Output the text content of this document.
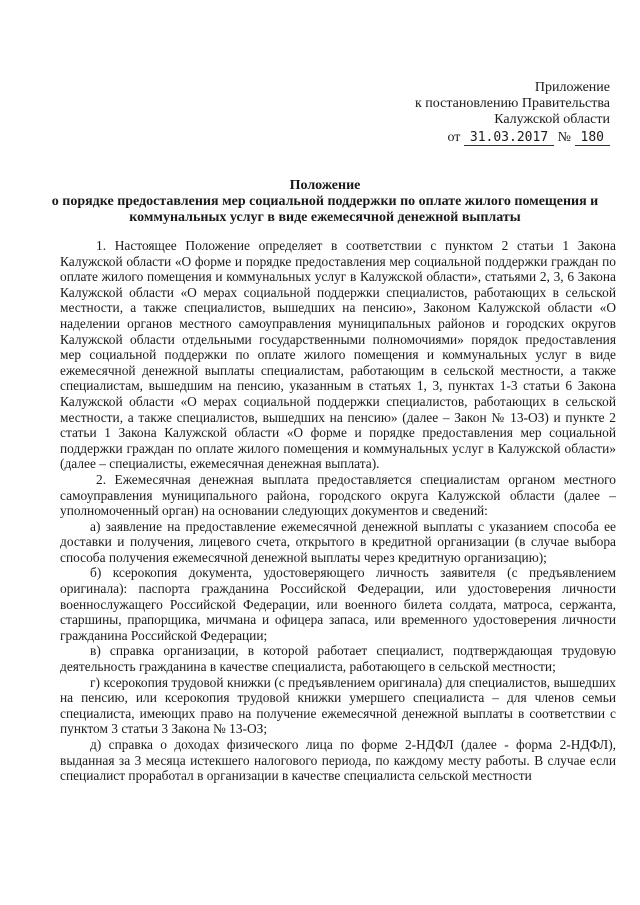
Приложение
к постановлению Правительства
Калужской области
от 31.03.2017 № 180
Положение
о порядке предоставления мер социальной поддержки по оплате жилого помещения и коммунальных услуг в виде ежемесячной денежной выплаты

1. Настоящее Положение определяет в соответствии с пунктом 2 статьи 1 Закона Калужской области «О форме и порядке предоставления мер социальной поддержки граждан по оплате жилого помещения и коммунальных услуг в Калужской области», статьями 2, 3, 6 Закона Калужской области «О мерах социальной поддержки специалистов, работающих в сельской местности, а также специалистов, вышедших на пенсию», Законом Калужской области «О наделении органов местного самоуправления муниципальных районов и городских округов Калужской области отдельными государственными полномочиями» порядок предоставления мер социальной поддержки по оплате жилого помещения и коммунальных услуг в виде ежемесячной денежной выплаты специалистам, работающим в сельской местности, а также специалистам, вышедшим на пенсию, указанным в статьях 1, 3, пунктах 1-3 статьи 6 Закона Калужской области «О мерах социальной поддержки специалистов, работающих в сельской местности, а также специалистов, вышедших на пенсию» (далее – Закон № 13-ОЗ) и пункте 2 статьи 1 Закона Калужской области «О форме и порядке предоставления мер социальной поддержки граждан по оплате жилого помещения и коммунальных услуг в Калужской области» (далее – специалисты, ежемесячная денежная выплата).

2. Ежемесячная денежная выплата предоставляется специалистам органом местного самоуправления муниципального района, городского округа Калужской области (далее – уполномоченный орган) на основании следующих документов и сведений:

а) заявление на предоставление ежемесячной денежной выплаты с указанием способа ее доставки и получения, лицевого счета, открытого в кредитной организации (в случае выбора способа получения ежемесячной денежной выплаты через кредитную организацию);

б) ксерокопия документа, удостоверяющего личность заявителя (с предъявлением оригинала): паспорта гражданина Российской Федерации, или удостоверения личности военнослужащего Российской Федерации, или военного билета солдата, матроса, сержанта, старшины, прапорщика, мичмана и офицера запаса, или временного удостоверения личности гражданина Российской Федерации;

в) справка организации, в которой работает специалист, подтверждающая трудовую деятельность гражданина в качестве специалиста, работающего в сельской местности;

г) ксерокопия трудовой книжки (с предъявлением оригинала) для специалистов, вышедших на пенсию, или ксерокопия трудовой книжки умершего специалиста – для членов семьи специалиста, имеющих право на получение ежемесячной денежной выплаты в соответствии с пунктом 3 статьи 3 Закона № 13-ОЗ;

д) справка о доходах физического лица по форме 2-НДФЛ (далее - форма 2-НДФЛ), выданная за 3 месяца истекшего налогового периода, по каждому месту работы. В случае если специалист проработал в организации в качестве специалиста сельской местности
